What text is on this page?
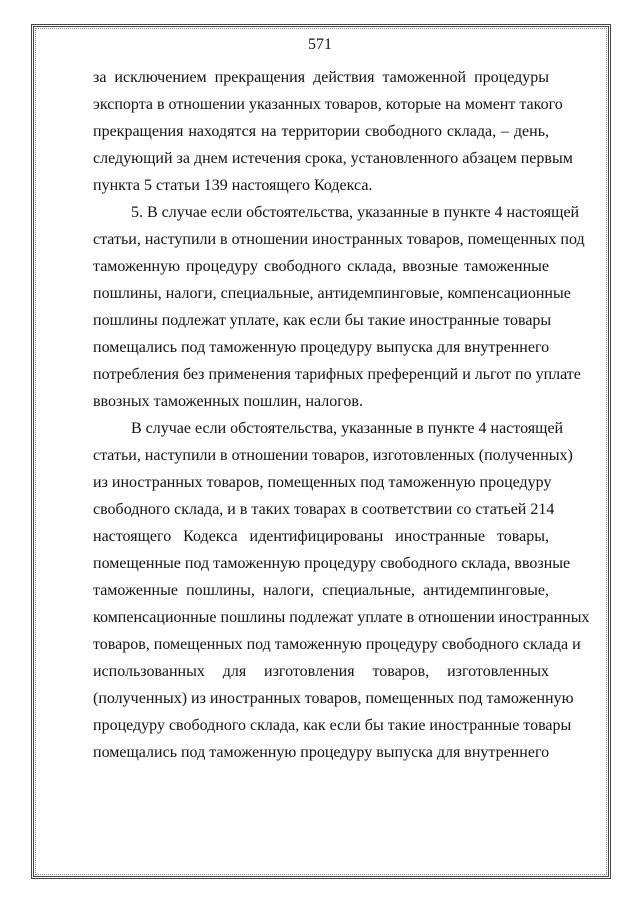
571
за исключением прекращения действия таможенной процедуры
экспорта в отношении указанных товаров, которые на момент такого
прекращения находятся на территории свободного склада, – день,
следующий за днем истечения срока, установленного абзацем первым
пункта 5 статьи 139 настоящего Кодекса.
5. В случае если обстоятельства, указанные в пункте 4 настоящей
статьи, наступили в отношении иностранных товаров, помещенных под
таможенную процедуру свободного склада, ввозные таможенные
пошлины, налоги, специальные, антидемпинговые, компенсационные
пошлины подлежат уплате, как если бы такие иностранные товары
помещались под таможенную процедуру выпуска для внутреннего
потребления без применения тарифных преференций и льгот по уплате
ввозных таможенных пошлин, налогов.
В случае если обстоятельства, указанные в пункте 4 настоящей
статьи, наступили в отношении товаров, изготовленных (полученных)
из иностранных товаров, помещенных под таможенную процедуру
свободного склада, и в таких товарах в соответствии со статьей 214
настоящего Кодекса идентифицированы иностранные товары,
помещенные под таможенную процедуру свободного склада, ввозные
таможенные пошлины, налоги, специальные, антидемпинговые,
компенсационные пошлины подлежат уплате в отношении иностранных
товаров, помещенных под таможенную процедуру свободного склада и
использованных для изготовления товаров, изготовленных
(полученных) из иностранных товаров, помещенных под таможенную
процедуру свободного склада, как если бы такие иностранные товары
помещались под таможенную процедуру выпуска для внутреннего
